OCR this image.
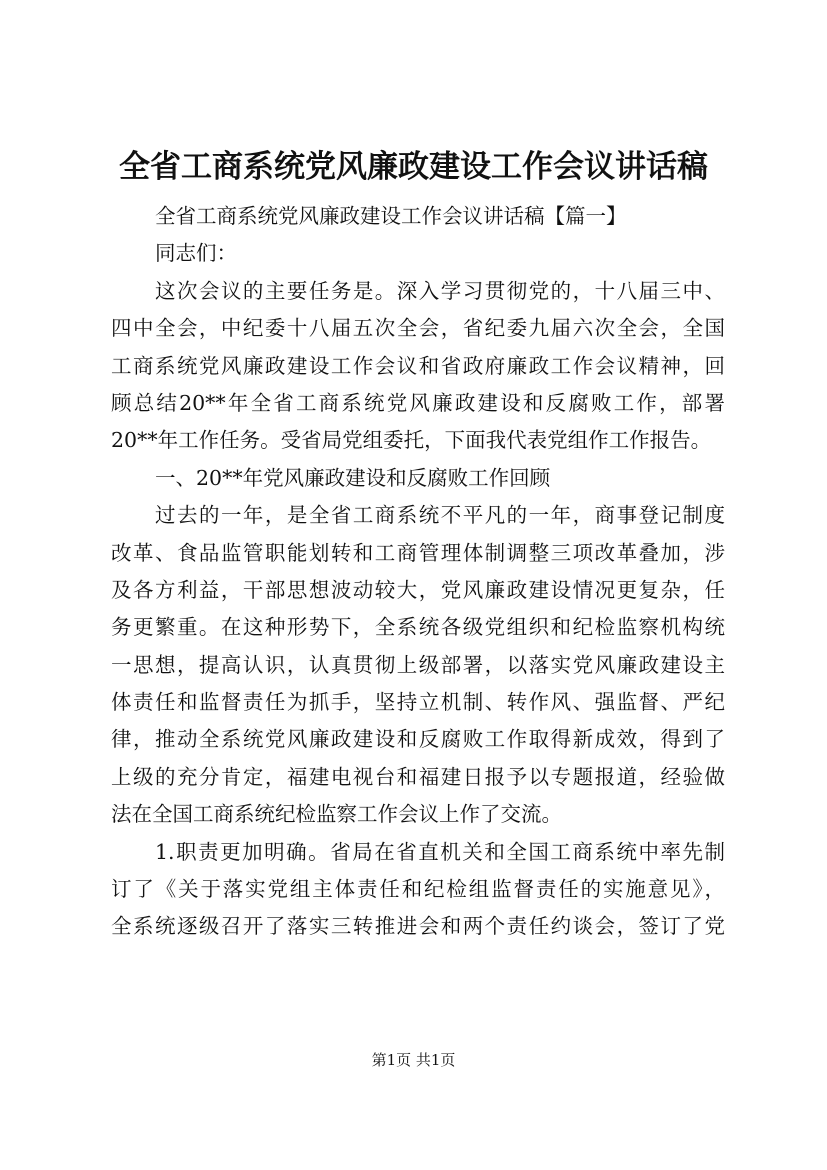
全省工商系统党风廉政建设工作会议讲话稿
全省工商系统党风廉政建设工作会议讲话稿【篇一】
同志们：
这次会议的主要任务是。深入学习贯彻党的，十八届三中、
四中全会，中纪委十八届五次全会，省纪委九届六次全会，全国
工商系统党风廉政建设工作会议和省政府廉政工作会议精神，回
顾总结20**年全省工商系统党风廉政建设和反腐败工作，部署
20**年工作任务。受省局党组委托，下面我代表党组作工作报告。
一、20**年党风廉政建设和反腐败工作回顾
过去的一年，是全省工商系统不平凡的一年，商事登记制度
改革、食品监管职能划转和工商管理体制调整三项改革叠加，涉
及各方利益，干部思想波动较大，党风廉政建设情况更复杂，任
务更繁重。在这种形势下，全系统各级党组织和纪检监察机构统
一思想，提高认识，认真贯彻上级部署，以落实党风廉政建设主
体责任和监督责任为抓手，坚持立机制、转作风、强监督、严纪
律，推动全系统党风廉政建设和反腐败工作取得新成效，得到了
上级的充分肯定，福建电视台和福建日报予以专题报道，经验做
法在全国工商系统纪检监察工作会议上作了交流。
1.职责更加明确。省局在省直机关和全国工商系统中率先制
订了《关于落实党组主体责任和纪检组监督责任的实施意见》，
全系统逐级召开了落实三转推进会和两个责任约谈会，签订了党
第1页 共1页
